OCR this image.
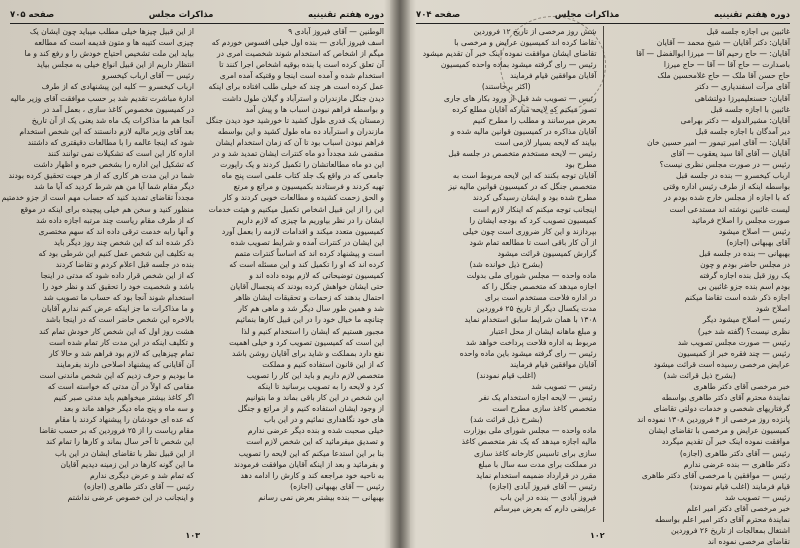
دوره هفتم تقنینیه
مذاکرات مجلس
صفحه ۷۰۵
الوطنین — آقای فیروز آبادی ۹
اسف فیروز آبادی — بنده اول خیلی افسوس خوردم که
میگم از اشخاص که استخدام شوند شخصیت امری در
آن تعلق کرده است یا بنده بوقیه اشخاص اجرا کنند تا
استخدام شده و آمده است اینجا و وقتیکه آمده امری
عمل کرده است هر چند که خیلی طلب افتاده برای اینکه
دیدن جنگل مازندران و استرآباد و گیلان طول داشت
و بواسطه فراهم نبودن اسباب ها و پیش آمد
زمستان یک قدری طول کشید تا خورشید خود دیدن جنگل
مازندران و استرآباد ده ماه طول کشید و این بواسطه
فراهم نبودن اسباب بود تا آن که زمان استخدام ایشان
منقضی شد مجدداً دو ماه کنترات ایشان تمدید شد و در
این دو ماه مطالعاتشان را تکمیل کردند و یک راپورت
جامعی که در واقع یک جلد کتاب علمی است پنج ماه
تهیه کردند و فرستادند بکمیسیون و مراتع و مرتع
و الحق زحمت کشیده و مطالعات خوبی کردند و کار
این را از این قبیل اشخاص تکمیل میکنیم و هیئت خدمات
ایشان را در نظر بیاوریم ما چیزی که لازم داریم
کمیسیون متعدد میکند و اقدامات لازمه را بعمل آورد
این ایشان در کنترات آمده و شرایط تصویب شده
است و پیشنهاد کرده اند که اساساً کنترات متمم
کرده اند که او را تکمیل کند و این مسئله است که
کمیسیون توضیحاتی که لازم بوده داده اند و
حتی ایشان خواهش کرده بودند که پنجسال آقایان
احتمال بدهند که زحمات و تحقیقات ایشان ظاهر
شد و همین طور سال دیگر شد و ماهی هم کار
چنانچه ما خیال خود را در این قبیل کارها بنمائیم
مجبور هستیم که ایشان را استخدام کنیم و لذا
این است که کمیسیون تصویب کرد و خیلی اهمیت
نفع دارد بمملکت و شاید برای آقایان روشن باشد
که از این قانون استفاده کنیم و مملکت
متخصص لازم داریم و باید این کار را تصویب
کرد و لایحه را به تصویب برسانید تا اینکه
این شخص در این کار باقی بماند و ما بتوانیم
از وجود ایشان استفاده کنیم و از مراتع و جنگل
های خود نگاهداری نمائیم و در این باب
خیلی صحبت شده و بنده دیگر عرضی ندارم
و تصدیق میفرمائید که این شخص لازم است
بنا بر این استدعا میکنم که این لایحه را تصویب
و بفرمائید و بعد از اینکه آقایان موافقت فرمودند
به ناحیه خود مراجعه کند و کارش را ادامه دهد
رئیس — آقای بهبهانی (اجازه)
بهبهانی — بنده بیشتر بعرض نمی رسانم
از این قبیل چیزها خیلی مطلب میباید چون ایشان یک
چیزی است کتیبه ها و متون قدیمه است که مطالعه
بیاید این ملت تشخیص احتیاج خودش را و رفع کند و ما
انتظار داریم از این قبیل انواع خیلی به مجلس بیاید
رئیس — آقای ارباب کیخسرو
ارباب کیخسرو — کلیه این پیشنهادی که از طرف
ادارهٔ مباشرت تقدیم شد بر حسب موافقت آقای وزیر مالیه
در کمیسیون مخصوص کاغذ سازی ، بعمل آمد در
آنجا هم ما مذاکرات یک ماه شد یعنی یک از آن تاریخ
بعد آقای وزیر مالیه لازم دانستند که این شخص استخدام
شود که اینجا عالمه را با مطالعات دقیقتری که داشتند
اداره کار این است که تشکیلات نمی توانند کنند
که تشکیل این اداره را بشخص خبره و اظهار داشت
شما در این مدت هر کاری که از هر جهت تحقیق کرده بودند
دیگر مقام شما آیا من هم شرط کردید که آیا ما شد
مجدداً تقاضای تمدید کنید که حساب مهم است از جزو خدمتیم
منظور کنید و سخن هم خیلی پیچیده برای اینکه در موقع
که از طرف مقام ریاست چند مرتبه اجازه داده شد
و آنها رابه خدمت ترقی داده اند که سهم مختصری
ذکر شده اند که این شخص چند روز دیگر باید
به تکلیف این شخص عمل کنیم این شرطی بود که
بنده در جلسه قبل اعلام کردم و تقاضا کردند
که از این شخص قرار داده شود که مدتی در اینجا
باشد و شخصیت خود را تحقیق کند و نظر خود را
استخدام شوند آنجا بود که حساب ما تصویب شد
و ما مذاکرات ما جز اینکه عرض کنم ندارم آقایان
بالاخره این شخص حاضر است که در اینجا باشد
هشت روز اول که این شخص کار خودش تمام کند
و تکلیف اینکه در این مدت کار تمام شده است
تمام چیزهایی که لازم بود فراهم شد و حالا کار
آن آقایانی که پیشنهاد اصلاحی دارند بفرمایند
ما بودیم و حرف زدیم که این شخص ماندنی است
مقامی که اولاً در آن مدتی که خواسته است که
اگر کاغذ بیشتر میخواهیم باید مدتی صبر کنیم
و سه ماه و پنج ماه دیگر خواهد ماند و بعد
که عده ای خودشان را پیشنهاد کردند با مقام
مقام ریاست را از ۲۵ فروردین که بر حسب تقاضا
این شخص تا آخر سال بماند و کارها را تمام کند
از این قبیل نظر با تقاضای ایشان در این باب
ما این گونه کارها در این زمینه دیدیم آقایان
که تمام شد و عرض دیگری ندارم
رئیس — آقای دکتر طاهری (اجازه)
و اینجانب در این خصوص عرضی نداشتم
۱۰۳
دوره هفتم تقنینیه
مذاکرات مجلس
صفحه ۷۰۴
غائبین بی اجازه جلسه قبل
آقایان: دکتر آقایان — شیخ محمد — آقایان
آقایان: — حاج رحیم آقا — میرزا ابوالفضل — آقا
باصدارت — حاج آقا — آقا — حاج میرزا
حاج حسن آقا ملک — حاج غلامحسین ملک
آقای مرآت اسفندیاری — دکتر
آقایان: حسنعلیمیرزا دولتشاهی
غائبین با اجازه جلسه قبل
آقایان: مشیرالدوله — دکتر بهرامی
دیر آمدگان با اجازه جلسه قبل
آقایان: — آقای امیر تیمور — امیر حسین خان
آقایان — آقای آقا سید یعقوب — آقای
رئیس — در صورت مجلس نظری نیست؟
ارباب کیخسرو — بنده در جلسه قبل
بواسطه اینکه از طرف رئیس اداره وقتی
که با اجازه از مجلس خارج شده بودم در
لیست غائبین نوشته اند مستدعی است
صورت مجلس را اصلاح فرمائید
رئیس — اصلاح میشود
آقای بهبهانی (اجازه)
بهبهانی — بنده در جلسه قبل
در مجلس حاضر بودم و چون
یک روز قبل بنده اجازه گرفته
بودم اسم بنده جزو غائبین بی
اجازه ذکر شده است تقاضا میکنم
اصلاح شود
رئیس — اصلاح میشود دیگر
نظری نیست؟ (گفته شد خیر)
رئیس — صورت مجلس تصویب شد
رئیس — چند فقره خبر از کمیسیون
عرایض مرخصی رسیده است قرائت میشود
(بشرح ذیل قرائت شد)
خبر مرخصی آقای دکتر طاهری
نمایندهٔ محترم آقای دکتر طاهری بواسطه
گرفتاریهای شخصی و خدمات دولتی تقاضای
پانزده روز مرخصی از ۴ فروردین ۱۳۰۸ نموده اند
کمیسیون عرایض و مرخصی با تقاضای ایشان
موافقت نموده اینک خبر آن تقدیم میگردد
رئیس — آقای دکتر طاهری (اجازه)
دکتر طاهری — بنده عرضی ندارم
رئیس — موافقین با مرخصی آقای دکتر طاهری
قیام فرمایند (اغلب قیام نمودند)
رئیس — تصویب شد
خبر مرخصی آقای دکتر امیر اعلم
نمایندهٔ محترم آقای دکتر امیر اعلم بواسطه
اشتغال بمعالجات از تاریخ ۲۶ فروردین
تقاضای مرخصی نموده اند
شش روز مرخصی از تاریخ ۱۲ فروردین
تقاضا کرده اند کمیسیون عرایض و مرخصی با
تقاضای ایشان موافقت نموده اینک خبر آن تقدیم میشود
رئیس — رای گرفته میشود بماده واحده کمیسیون
آقایان موافقین قیام فرمایند
(اکثر برخاستند)
رئیس — تصویب شد قبل از ورود بکار های جاری
تصور میکنم که لایحه مبارکه آقایان مطلع کرده
بعرض میرسانند و مطلب را مطرح کنیم
آقایان مذاکره در کمیسیون قوانین مالیه شده و
بیایند که لایحه بسیار لازمی است
رئیس — لایحه مستخدم متخصص در جلسه قبل
مطرح بود
آقایان توجه بکنند که این لایحه مربوط است به
متخصص جنگل که در کمیسیون قوانین مالیه نیز
مطرح شده بود و ایشان رسیدگی کردند
اینجانب توجه میکنم که اینکار لازم است
کمیسیون تصویب کرد که بودجه ایشان را
بپردازند و این کار ضروری است چون خیلی
از آن کار باقی است تا مطالعه تمام شود
گزارش کمیسیون قرائت میشود
(بشرح ذیل خوانده شد)
ماده واحده — مجلس شورای ملی بدولت
اجازه میدهد که متخصص جنگل را که
در اداره فلاحت مستخدم است برای
مدت یکسال دیگر از تاریخ ۲۵ فروردین
۱۳۰۸ با همان شرایط سابق استخدام نماید
و مبلغ ماهانه ایشان از محل اعتبار
مربوط به اداره فلاحت پرداخت خواهد شد
رئیس — رای گرفته میشود باین ماده واحده
آقایان موافقین قیام فرمایند
(اغلب قیام نمودند)
رئیس — تصویب شد
رئیس — لایحه اجازه استخدام یک نفر
متخصص کاغذ سازی مطرح است
(بشرح ذیل قرائت شد)
ماده واحده — مجلس شورای ملی بوزارت
مالیه اجازه میدهد که یک نفر متخصص کاغذ
سازی برای تاسیس کارخانه کاغذ سازی
در مملکت برای مدت سه سال با مبلغ
مقرر در قرارداد ضمیمه استخدام نماید
رئیس — آقای فیروز آبادی (اجازه)
فیروز آبادی — بنده در این باب
عرایضی دارم که بعرض میرسانم
۱۰۲
